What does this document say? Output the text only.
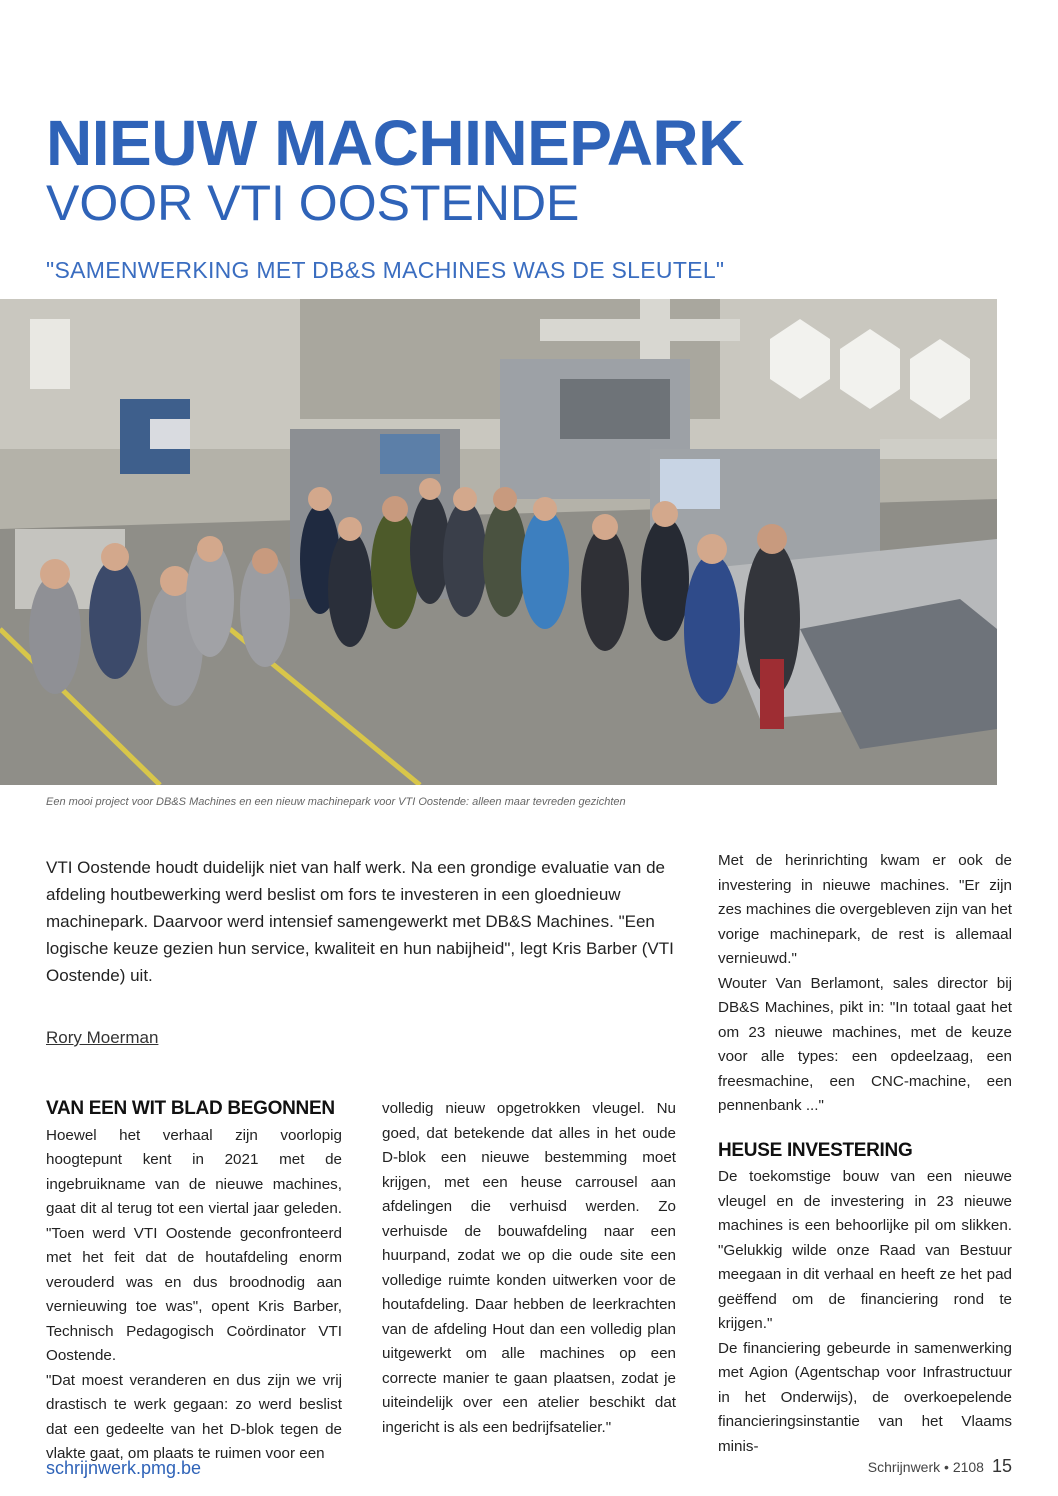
NIEUW MACHINEPARK
VOOR VTI OOSTENDE

"SAMENWERKING MET DB&S MACHINES WAS DE SLEUTEL"

Een mooi project voor DB&S Machines en een nieuw machinepark voor VTI Oostende: alleen maar tevreden gezichten

VTI Oostende houdt duidelijk niet van half werk. Na een grondige evaluatie van de afdeling houtbewerking werd beslist om fors te investeren in een gloednieuw machinepark. Daarvoor werd intensief samengewerkt met DB&S Machines. "Een logische keuze gezien hun service, kwaliteit en hun nabijheid", legt Kris Barber (VTI Oostende) uit.

Rory Moerman

VAN EEN WIT BLAD BEGONNEN

Hoewel het verhaal zijn voorlopig hoogtepunt kent in 2021 met de ingebruikname van de nieuwe machines, gaat dit al terug tot een viertal jaar geleden. "Toen werd VTI Oostende geconfronteerd met het feit dat de houtafdeling enorm verouderd was en dus broodnodig aan vernieuwing toe was", opent Kris Barber, Technisch Pedagogisch Coördinator VTI Oostende.

"Dat moest veranderen en dus zijn we vrij drastisch te werk gegaan: zo werd beslist dat een gedeelte van het D-blok tegen de vlakte gaat, om plaats te ruimen voor een

volledig nieuw opgetrokken vleugel. Nu goed, dat betekende dat alles in het oude D-blok een nieuwe bestemming moet krijgen, met een heuse carrousel aan afdelingen die verhuisd werden. Zo verhuisde de bouwafdeling naar een huurpand, zodat we op die oude site een volledige ruimte konden uitwerken voor de houtafdeling. Daar hebben de leerkrachten van de afdeling Hout dan een volledig plan uitgewerkt om alle machines op een correcte manier te gaan plaatsen, zodat je uiteindelijk over een atelier beschikt dat ingericht is als een bedrijfsatelier."

Met de herinrichting kwam er ook de investering in nieuwe machines. "Er zijn zes machines die overgebleven zijn van het vorige machinepark, de rest is allemaal vernieuwd."

Wouter Van Berlamont, sales director bij DB&S Machines, pikt in: "In totaal gaat het om 23 nieuwe machines, met de keuze voor alle types: een opdeelzaag, een freesmachine, een CNC-machine, een pennenbank ..."

HEUSE INVESTERING

De toekomstige bouw van een nieuwe vleugel en de investering in 23 nieuwe machines is een behoorlijke pil om slikken. "Gelukkig wilde onze Raad van Bestuur meegaan in dit verhaal en heeft ze het pad geëffend om de financiering rond te krijgen."

De financiering gebeurde in samenwerking met Agion (Agentschap voor Infrastructuur in het Onderwijs), de overkoepelende financieringsinstantie van het Vlaams minis-

schrijnwerk.pmg.be	Schrijnwerk • 2108 15
